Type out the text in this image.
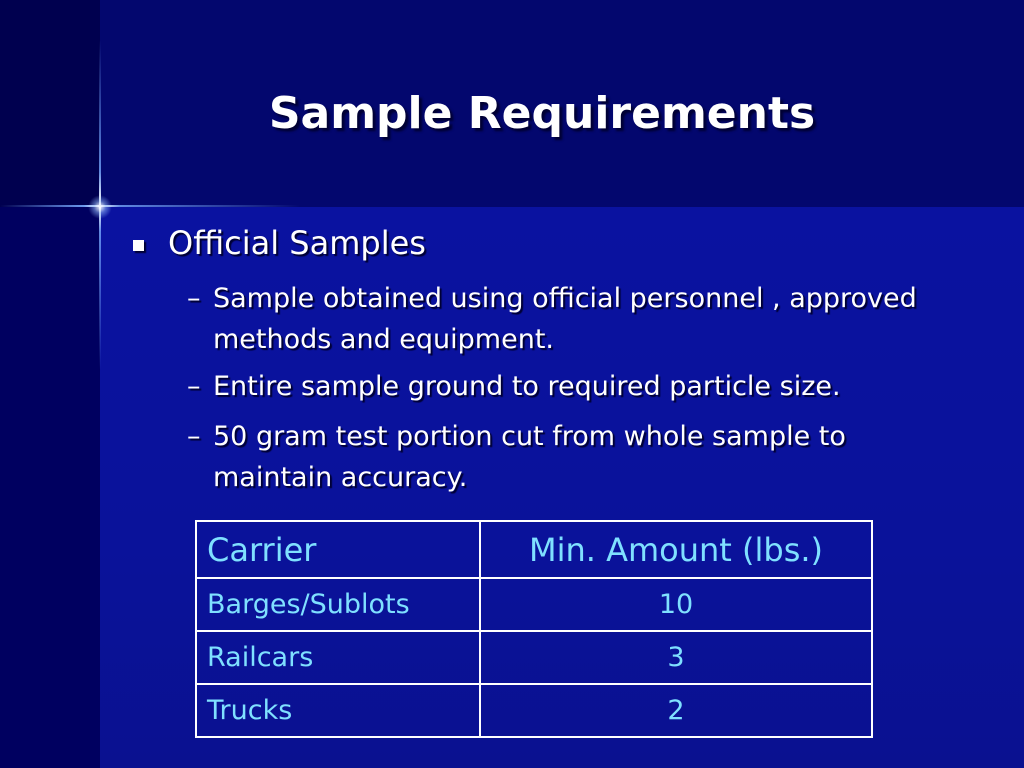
Sample Requirements
Official Samples
– Sample obtained using official personnel , approved methods and equipment.
– Entire sample ground to required particle size.
– 50 gram test portion cut from whole sample to maintain accuracy.
Carrier	Min. Amount (lbs.)
Barges/Sublots	10
Railcars	3
Trucks	2
